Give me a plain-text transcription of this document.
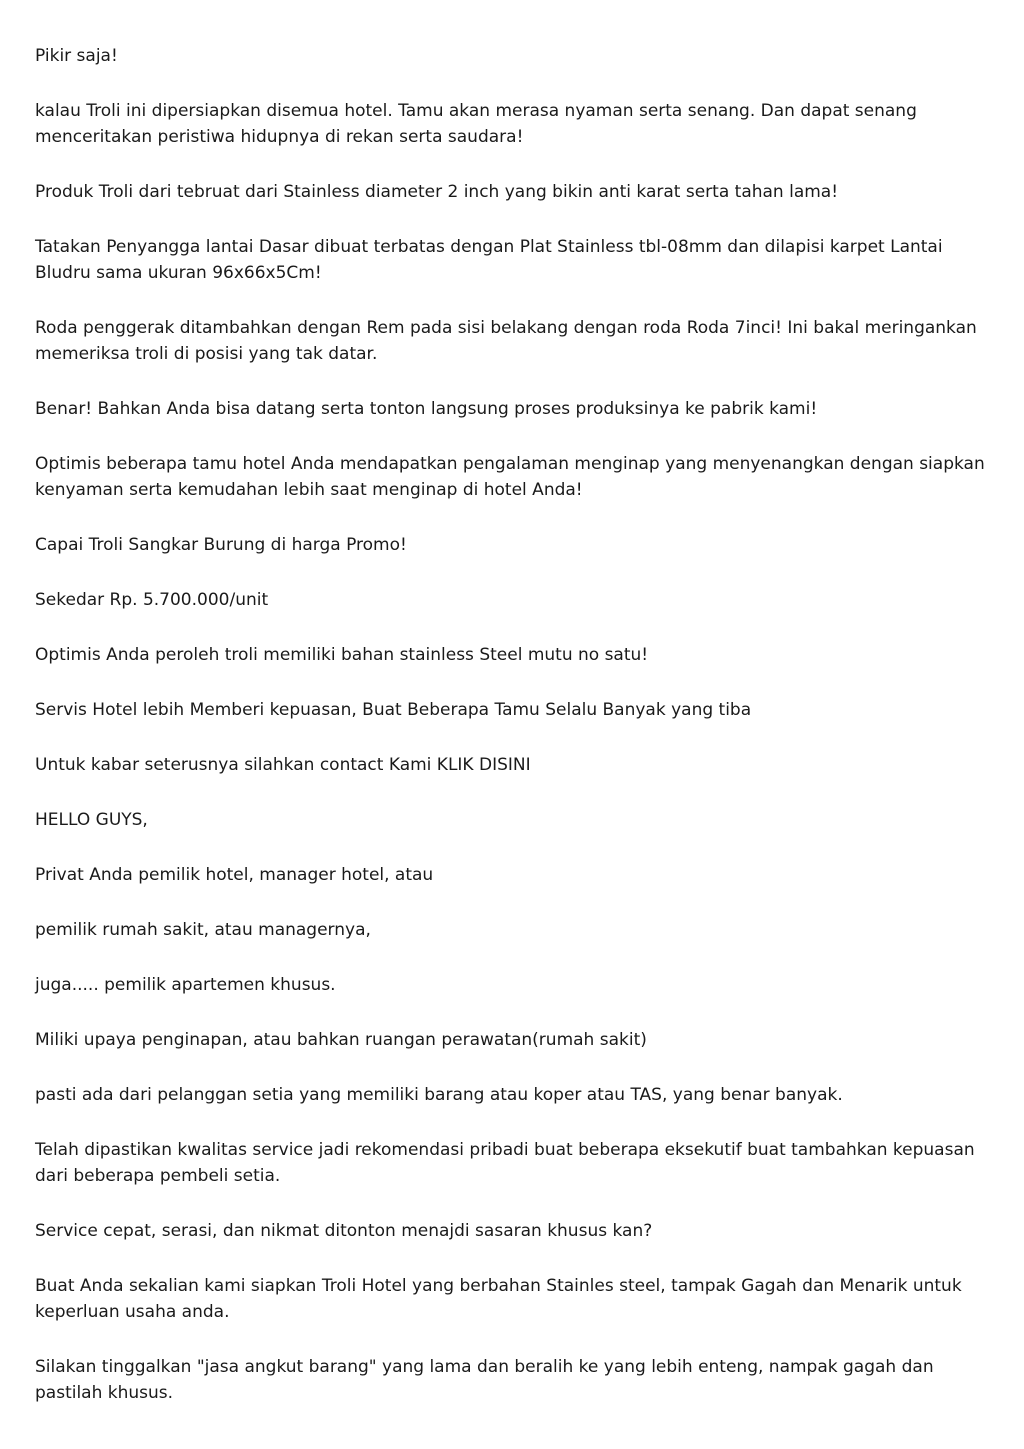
Pikir saja!

kalau Troli ini dipersiapkan disemua hotel. Tamu akan merasa nyaman serta senang. Dan dapat senang menceritakan peristiwa hidupnya di rekan serta saudara!

Produk Troli dari tebruat dari Stainless diameter 2 inch yang bikin anti karat serta tahan lama!

Tatakan Penyangga lantai Dasar dibuat terbatas dengan Plat Stainless tbl-08mm dan dilapisi karpet Lantai Bludru sama ukuran 96x66x5Cm!

Roda penggerak ditambahkan dengan Rem pada sisi belakang dengan roda Roda 7inci! Ini bakal meringankan memeriksa troli di posisi yang tak datar.

Benar! Bahkan Anda bisa datang serta tonton langsung proses produksinya ke pabrik kami!

Optimis beberapa tamu hotel Anda mendapatkan pengalaman menginap yang menyenangkan dengan siapkan kenyaman serta kemudahan lebih saat menginap di hotel Anda!

Capai Troli Sangkar Burung di harga Promo!

Sekedar Rp. 5.700.000/unit

Optimis Anda peroleh troli memiliki bahan stainless Steel mutu no satu!

Servis Hotel lebih Memberi kepuasan, Buat Beberapa Tamu Selalu Banyak yang tiba

Untuk kabar seterusnya silahkan contact Kami KLIK DISINI

HELLO GUYS,

Privat Anda pemilik hotel, manager hotel, atau

pemilik rumah sakit, atau managernya,

juga..... pemilik apartemen khusus.

Miliki upaya penginapan, atau bahkan ruangan perawatan(rumah sakit)

pasti ada dari pelanggan setia yang memiliki barang atau koper atau TAS, yang benar banyak.

Telah dipastikan kwalitas service jadi rekomendasi pribadi buat beberapa eksekutif buat tambahkan kepuasan dari beberapa pembeli setia.

Service cepat, serasi, dan nikmat ditonton menajdi sasaran khusus kan?

Buat Anda sekalian kami siapkan Troli Hotel yang berbahan Stainles steel, tampak Gagah dan Menarik untuk keperluan usaha anda.

Silakan tinggalkan "jasa angkut barang" yang lama dan beralih ke yang lebih enteng, nampak gagah dan pastilah khusus.
